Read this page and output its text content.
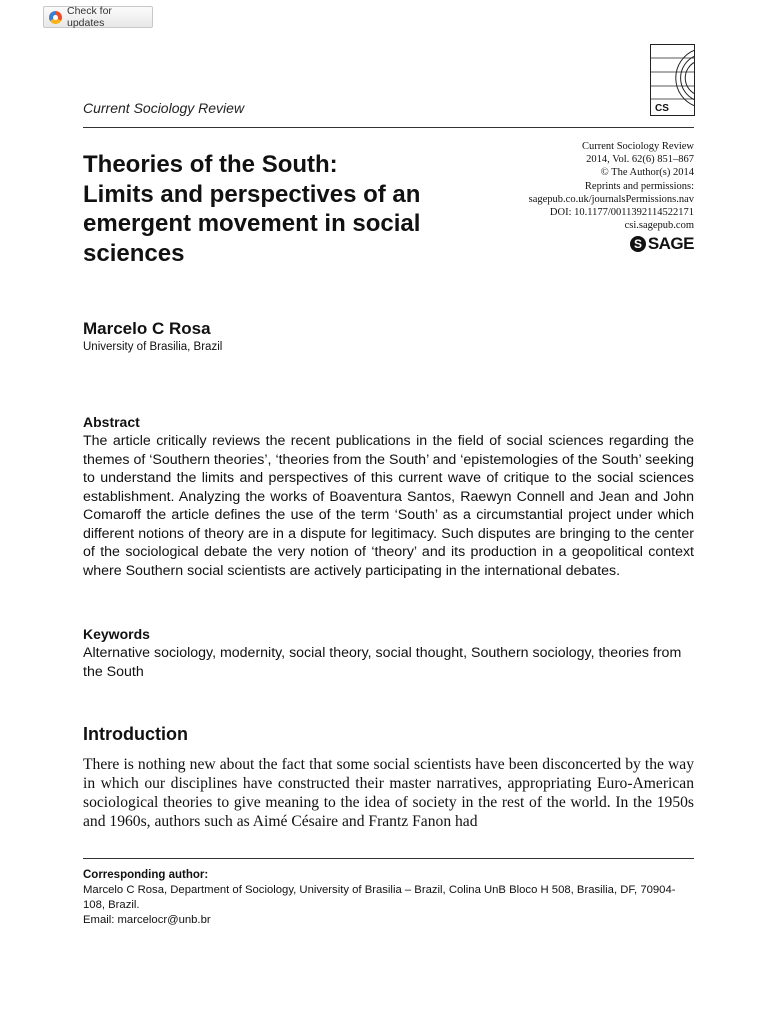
Check for updates
Current Sociology Review	CS
Current Sociology Review
2014, Vol. 62(6) 851–867
© The Author(s) 2014
Reprints and permissions:
sagepub.co.uk/journalsPermissions.nav
DOI: 10.1177/0011392114522171
csi.sagepub.com
S SAGE
Theories of the South:
Limits and perspectives of an
emergent movement in social
sciences
Marcelo C Rosa
University of Brasilia, Brazil
Abstract

The article critically reviews the recent publications in the field of social sciences regarding the themes of ‘Southern theories’, ‘theories from the South’ and ‘epistemologies of the South’ seeking to understand the limits and perspectives of this current wave of critique to the social sciences establishment. Analyzing the works of Boaventura Santos, Raewyn Connell and Jean and John Comaroff the article defines the use of the term ‘South’ as a circumstantial project under which different notions of theory are in a dispute for legitimacy. Such disputes are bringing to the center of the sociological debate the very notion of ‘theory’ and its production in a geopolitical context where Southern social scientists are actively participating in the international debates.

Keywords

Alternative sociology, modernity, social theory, social thought, Southern sociology, theories from the South

Introduction

There is nothing new about the fact that some social scientists have been disconcerted by the way in which our disciplines have constructed their master narratives, appropriating Euro-American sociological theories to give meaning to the idea of society in the rest of the world. In the 1950s and 1960s, authors such as Aimé Césaire and Frantz Fanon had

Corresponding author:
Marcelo C Rosa, Department of Sociology, University of Brasilia – Brazil, Colina UnB Bloco H 508, Brasilia, DF, 70904-108, Brazil.
Email: marcelocr@unb.br
